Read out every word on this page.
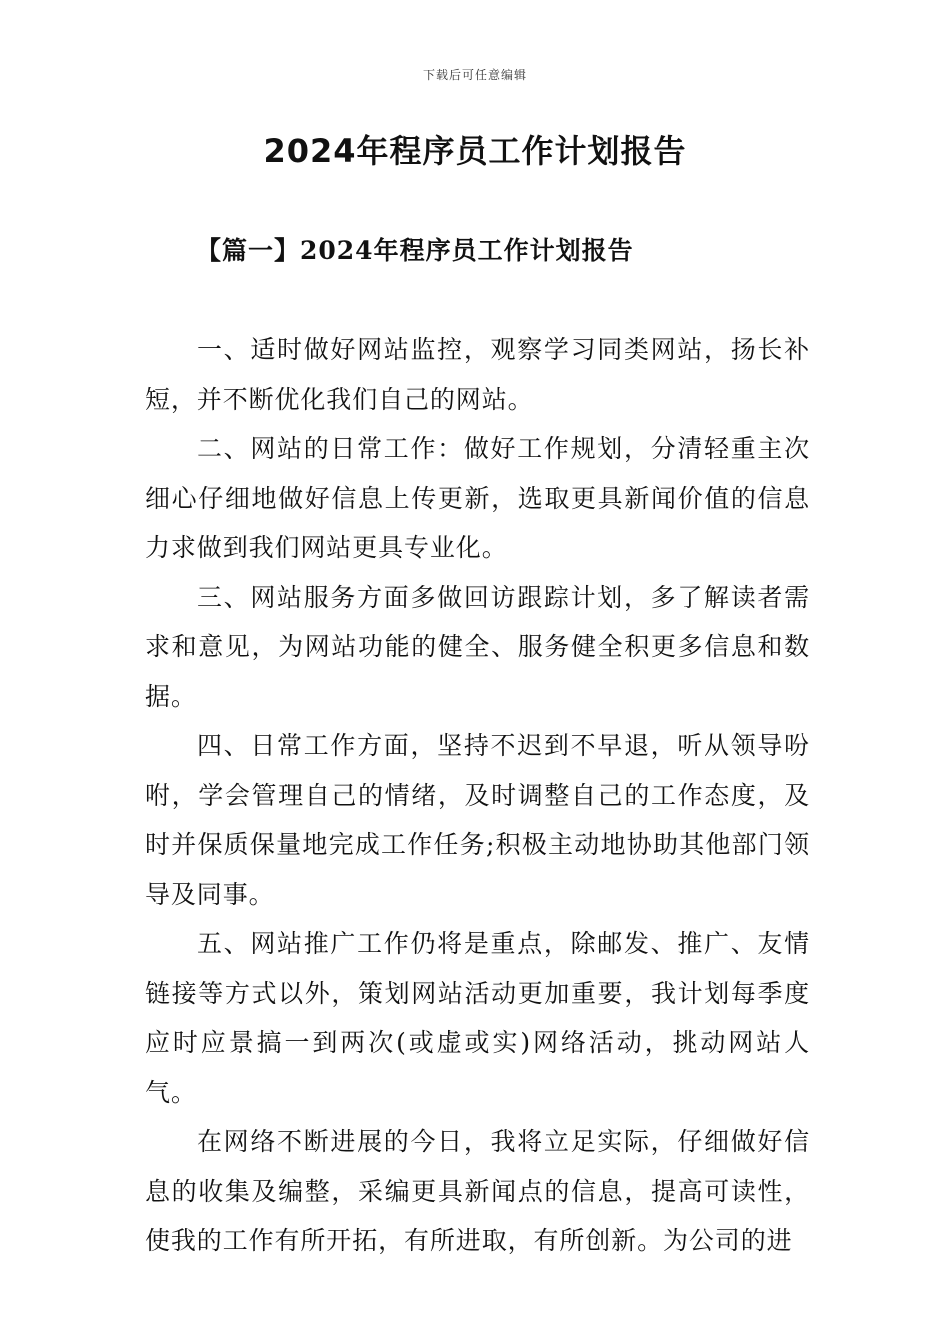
下载后可任意编辑
2024年程序员工作计划报告
【篇一】2024年程序员工作计划报告

一、适时做好网站监控，观察学习同类网站，扬长补短，并不断优化我们自己的网站。

二、网站的日常工作：做好工作规划，分清轻重主次细心仔细地做好信息上传更新，选取更具新闻价值的信息力求做到我们网站更具专业化。

三、网站服务方面多做回访跟踪计划，多了解读者需求和意见，为网站功能的健全、服务健全积更多信息和数据。

四、日常工作方面，坚持不迟到不早退，听从领导吩咐，学会管理自己的情绪，及时调整自己的工作态度，及时并保质保量地完成工作任务;积极主动地协助其他部门领导及同事。

五、网站推广工作仍将是重点，除邮发、推广、友情链接等方式以外，策划网站活动更加重要，我计划每季度应时应景搞一到两次(或虚或实)网络活动，挑动网站人气。

在网络不断进展的今日，我将立足实际，仔细做好信息的收集及编整，采编更具新闻点的信息，提高可读性，使我的工作有所开拓，有所进取，有所创新。为公司的进
